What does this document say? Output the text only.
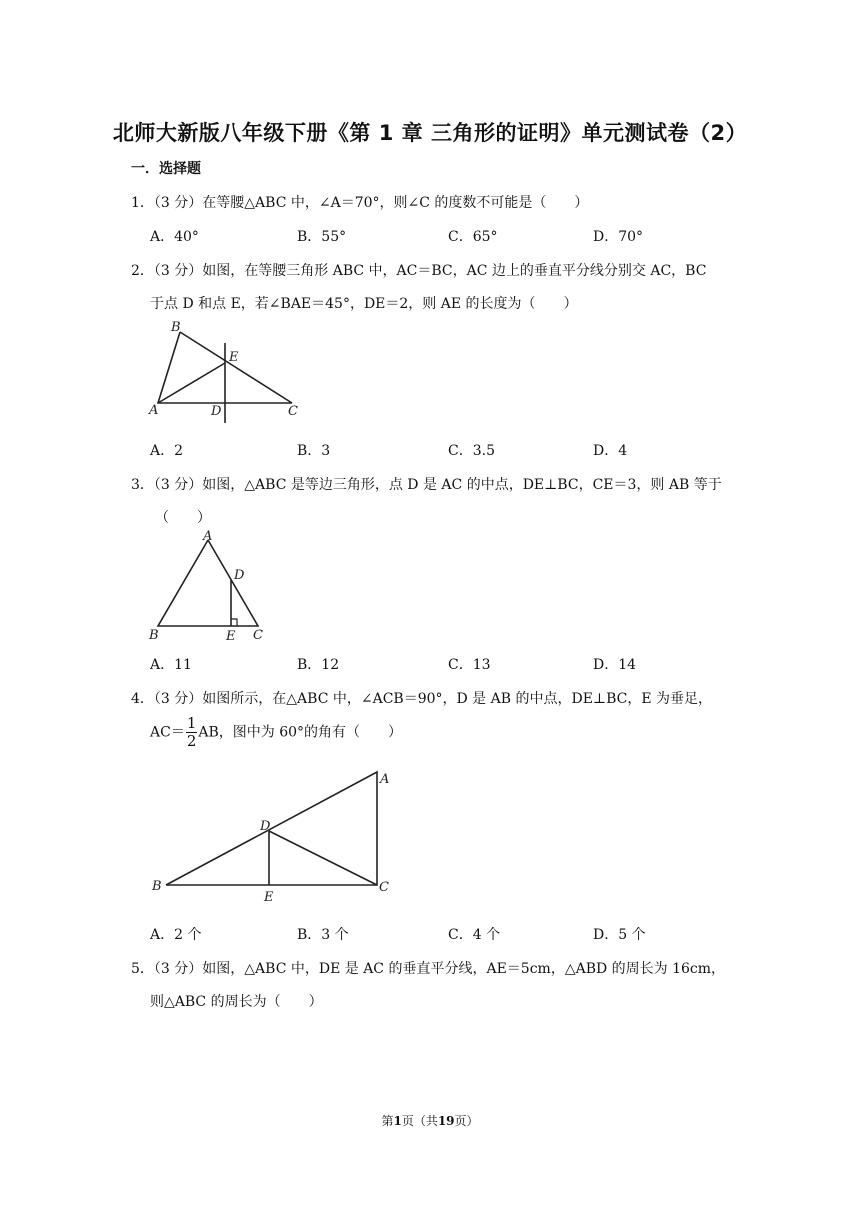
北师大新版八年级下册《第 1 章 三角形的证明》单元测试卷（2）
一．选择题
1．（3 分）在等腰△ABC 中，∠A＝70°，则∠C 的度数不可能是（　　）
A．40°	B．55°	C．65°	D．70°
2．（3 分）如图，在等腰三角形 ABC 中，AC＝BC，AC 边上的垂直平分线分别交 AC，BC
于点 D 和点 E，若∠BAE＝45°，DE＝2，则 AE 的长度为（　　）
B
E
A	D	C
A．2	B．3	C．3.5	D．4
3．（3 分）如图，△ABC 是等边三角形，点 D 是 AC 的中点，DE⊥BC，CE＝3，则 AB 等于
（　　）
A
D
B	E C
A．11	B．12	C．13	D．14
4．（3 分）如图所示，在△ABC 中，∠ACB＝90°，D 是 AB 的中点，DE⊥BC，E 为垂足，
$AC= \frac{1}{2}$ AB，图中为 60°的角有（　　）
A
D
B
E
C
A．2 个	B．3 个	C．4 个	D．5 个
5．（3 分）如图，△ABC 中，DE 是 AC 的垂直平分线，AE＝5cm，△ABD 的周长为 16cm，
则△ABC 的周长为（　　）
第1页（共19页）
